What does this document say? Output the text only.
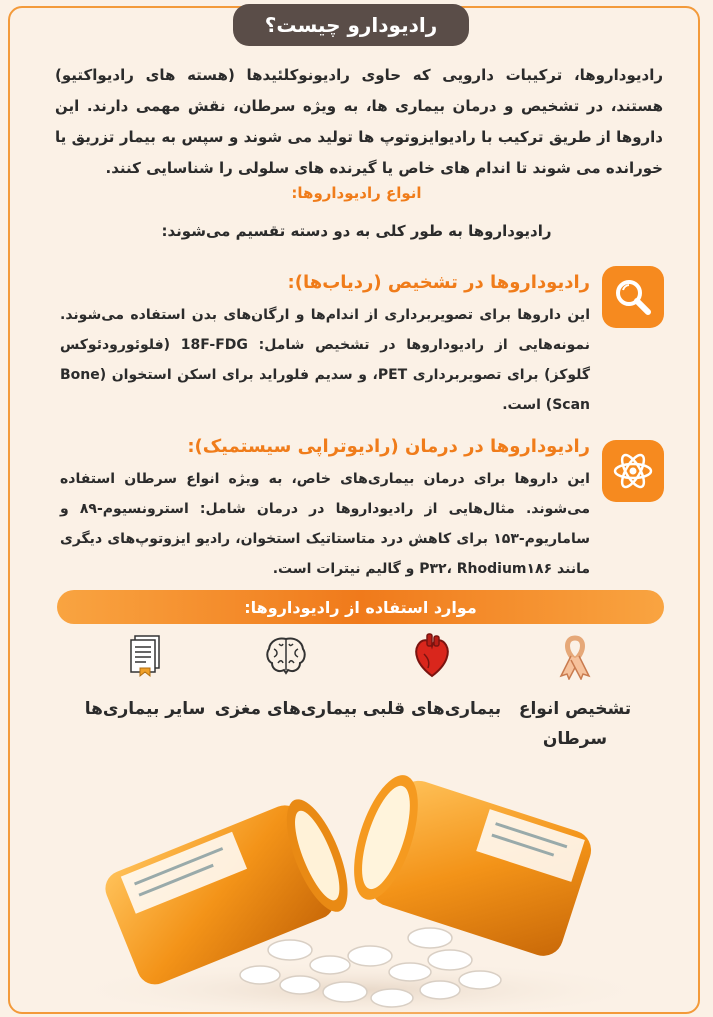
رادیودارو چیست؟
رادیوداروها، ترکیبات دارویی که حاوی رادیونوکلئیدها (هسته های رادیواکتیو) هستند، در تشخیص و درمان بیماری ها، به ویژه سرطان، نقش مهمی دارند. این داروها از طریق ترکیب با رادیوایزوتوپ ها تولید می شوند و سپس به بیمار تزریق یا خورانده می شوند تا اندام های خاص یا گیرنده های سلولی را شناسایی کنند.
انواع رادیوداروها:
رادیوداروها به طور کلی به دو دسته تقسیم می‌شوند:
رادیوداروها در تشخیص (ردیاب‌ها):
این داروها برای تصویربرداری از اندام‌ها و ارگان‌های بدن استفاده می‌شوند. نمونه‌هایی از رادیوداروها در تشخیص شامل: 18F-FDG (فلوئورودئوکس گلوکز) برای تصویربرداری PET، و سدیم فلوراید برای اسکن استخوان (Bone Scan) است.
رادیوداروها در درمان (رادیوتراپی سیستمیک):
این داروها برای درمان بیماری‌های خاص، به ویژه انواع سرطان استفاده می‌شوند. مثال‌هایی از رادیوداروها در درمان شامل: استرونسیوم-۸۹ و ساماریوم-۱۵۳ برای کاهش درد متاستاتیک استخوان، رادیو ایزوتوپ‌های دیگری مانند P۳۲، Rhodium۱۸۶ و گالیم نیترات است.
موارد استفاده از رادیوداروها:
تشخیص انواع سرطان
بیماری‌های قلبی
بیماری‌های مغزی
سایر بیماری‌ها
